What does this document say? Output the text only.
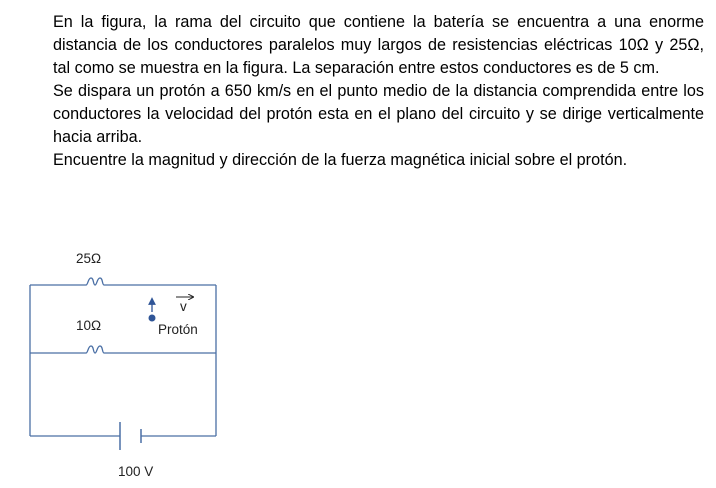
En la figura, la rama del circuito que contiene la batería se encuentra a una enorme distancia de los conductores paralelos muy largos de resistencias eléctricas 10Ω y 25Ω, tal como se muestra en la figura. La separación entre estos conductores es de 5 cm.

Se dispara un protón a 650 km/s en el punto medio de la distancia comprendida entre los conductores la velocidad del protón esta en el plano del circuito y se dirige verticalmente hacia arriba.

Encuentre la magnitud y dirección de la fuerza magnética inicial sobre el protón.

25Ω
10Ω
v
Protón
100 V
